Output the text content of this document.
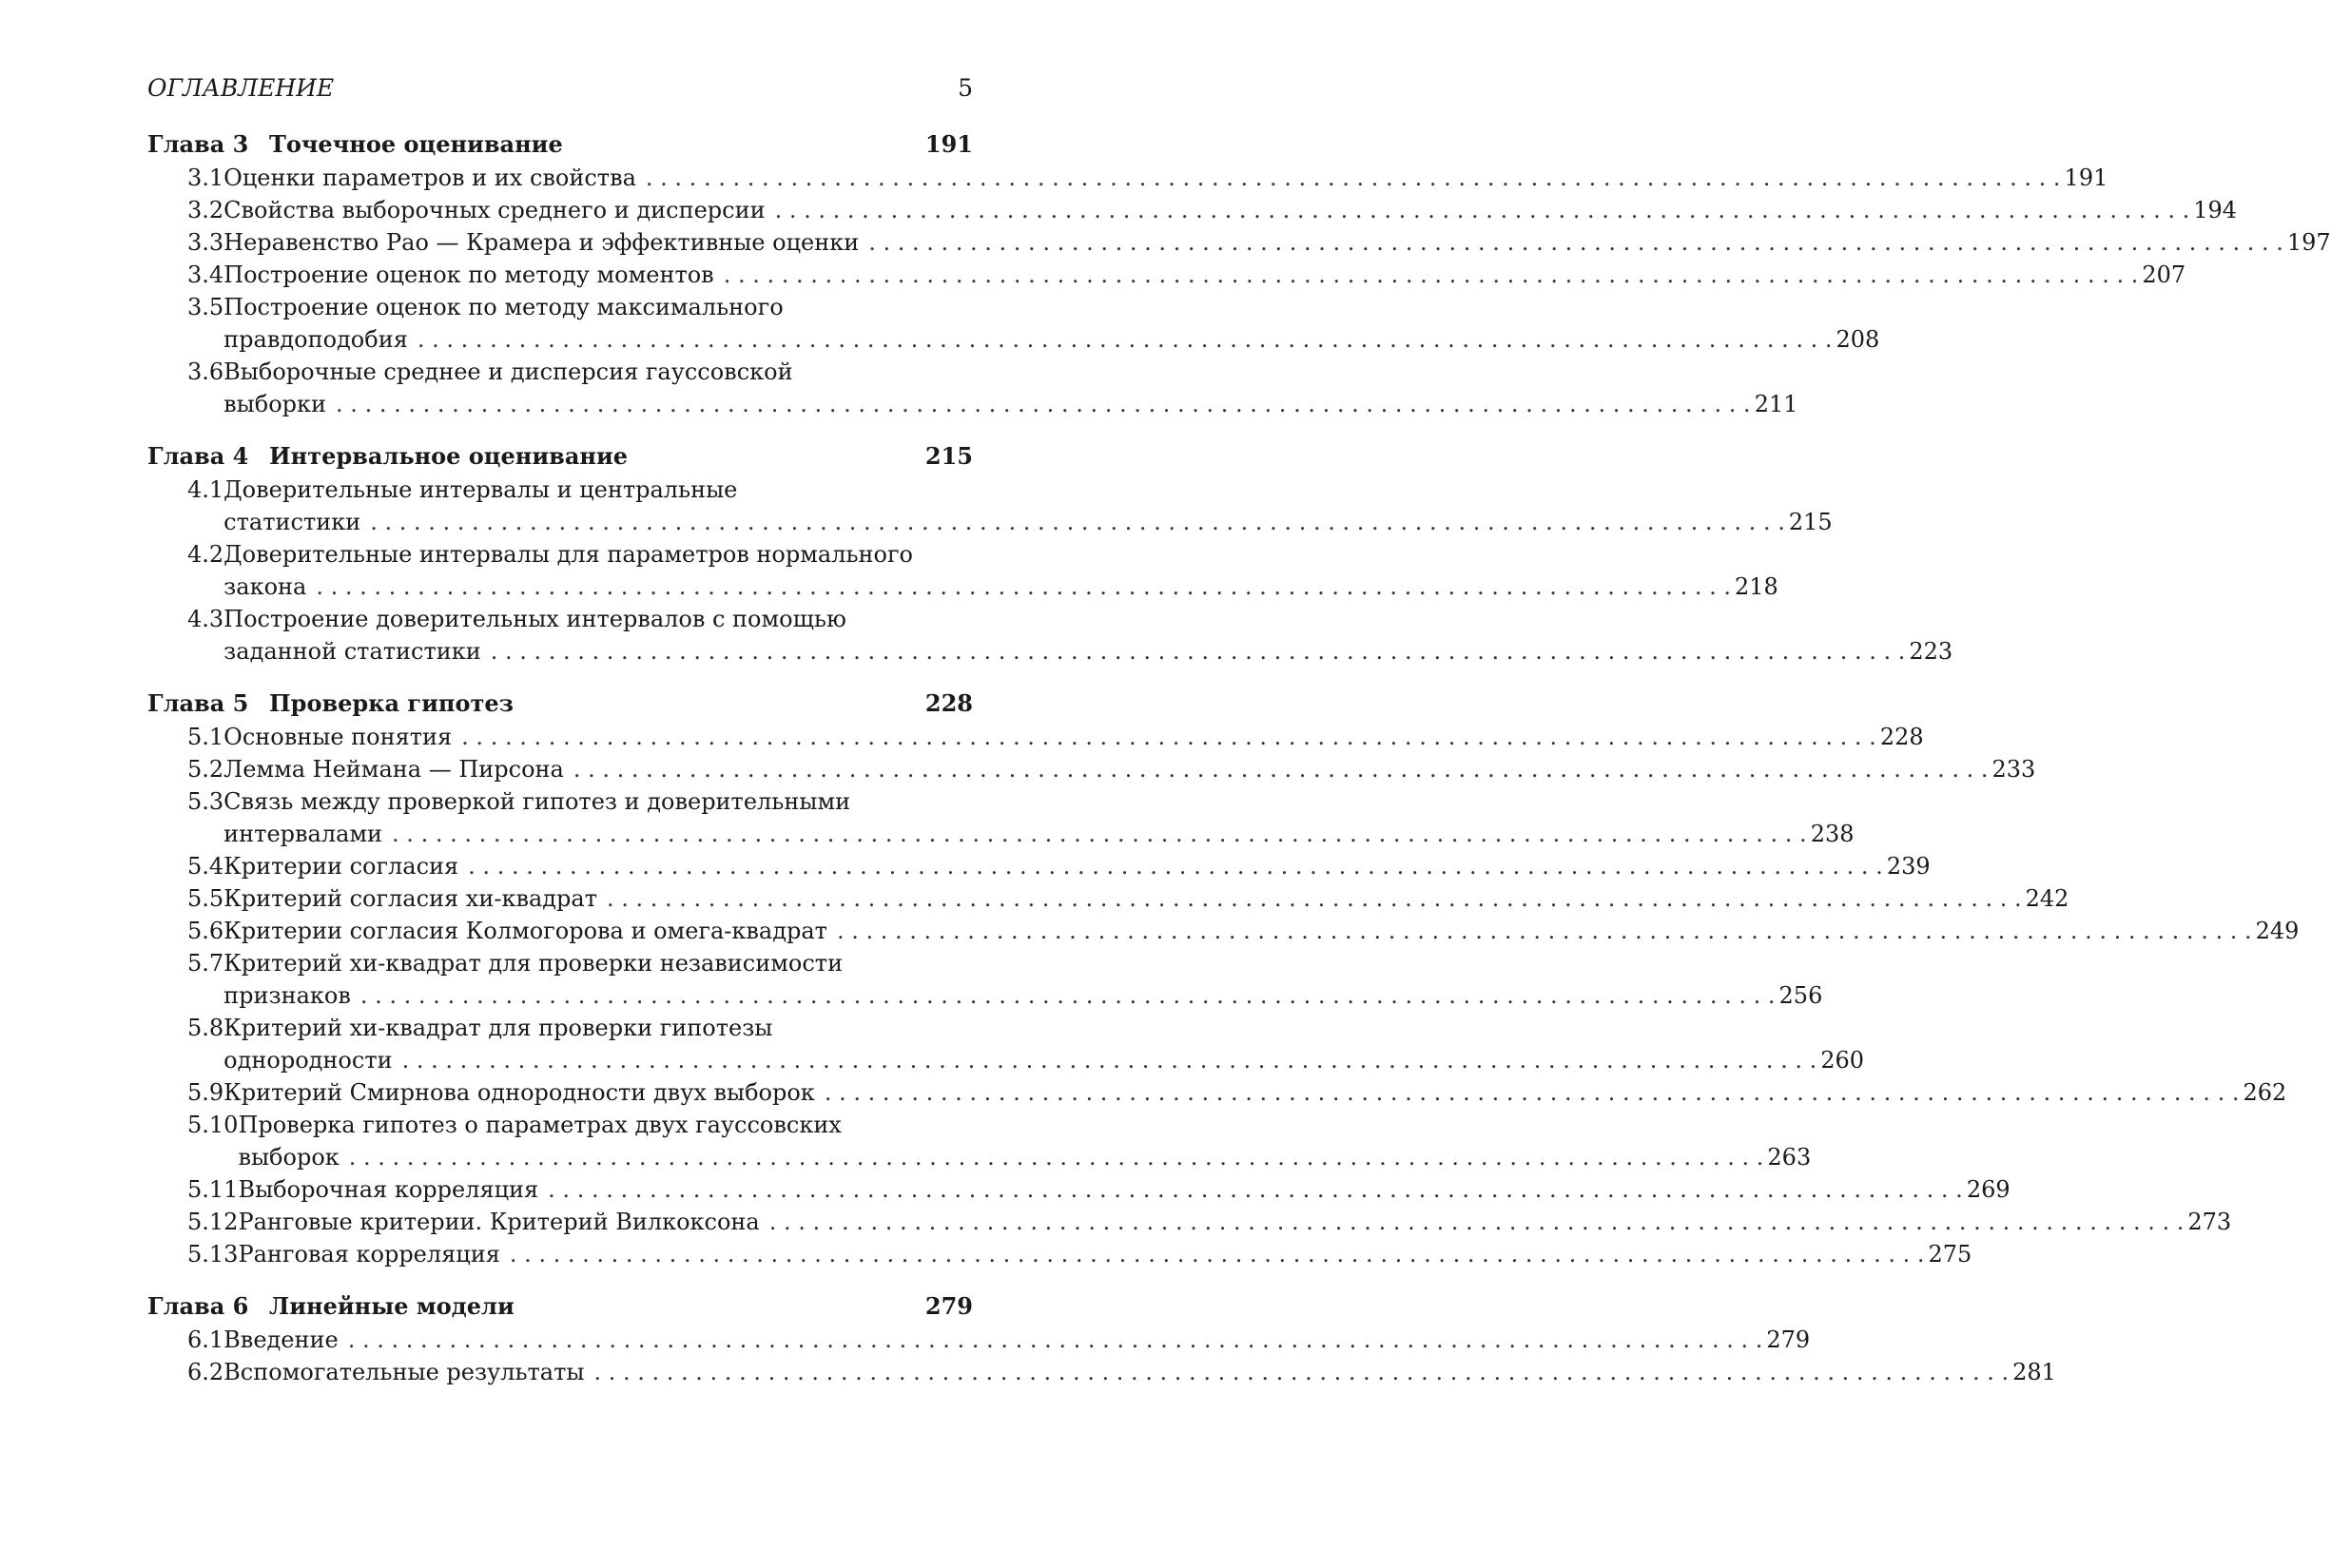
ОГЛАВЛЕНИЕ	5
Глава 3 Точечное оценивание	191
3.1 Оценки параметров и их свойства . . .	191
3.2 Свойства выборочных среднего и дисперсии . . .	194
3.3 Неравенство Рао — Крамера и эффективные оценки . . .	197
3.4 Построение оценок по методу моментов . . .	207
3.5 Построение оценок по методу максимального
правдоподобия . . .	208
3.6 Выборочные среднее и дисперсия гауссовской
выборки . . .	211
Глава 4 Интервальное оценивание	215
4.1 Доверительные интервалы и центральные
статистики . . .	215
4.2 Доверительные интервалы для параметров нормального
закона . . .	218
4.3 Построение доверительных интервалов с помощью
заданной статистики . . .	223
Глава 5 Проверка гипотез	228
5.1 Основные понятия . . .	228
5.2 Лемма Неймана — Пирсона . . .	233
5.3 Связь между проверкой гипотез и доверительными
интервалами . . .	238
5.4 Критерии согласия . . .	239
5.5 Критерий согласия хи-квадрат . . .	242
5.6 Критерии согласия Колмогорова и омега-квадрат . . .	249
5.7 Критерий хи-квадрат для проверки независимости
признаков . . .	256
5.8 Критерий хи-квадрат для проверки гипотезы
однородности . . .	260
5.9 Критерий Смирнова однородности двух выборок . . .	262
5.10 Проверка гипотез о параметрах двух гауссовских
выборок . . .	263
5.11 Выборочная корреляция . . .	269
5.12 Ранговые критерии. Критерий Вилкоксона . . .	273
5.13 Ранговая корреляция . . .	275
Глава 6 Линейные модели	279
6.1 Введение . . .	279
6.2 Вспомогательные результаты . . .	281
